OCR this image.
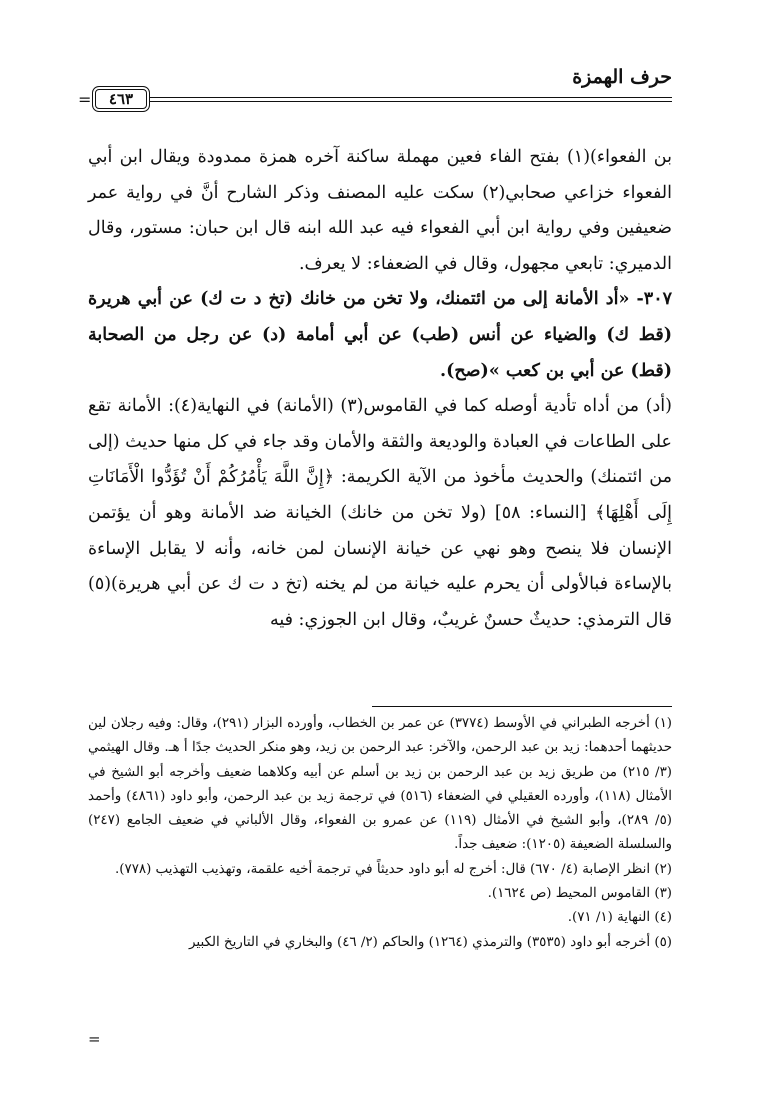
حرف الهمزة
=	٤٦٣

بن الفعواء)(١) بفتح الفاء فعين مهملة ساكنة آخره همزة ممدودة ويقال ابن أبي الفعواء خزاعي صحابي(٢) سكت عليه المصنف وذكر الشارح أنَّ في رواية عمر ضعيفين وفي رواية ابن أبي الفعواء فيه عبد الله ابنه قال ابن حبان: مستور، وقال الدميري: تابعي مجهول، وقال في الضعفاء: لا يعرف.

٣٠٧- «أد الأمانة إلى من ائتمنك، ولا تخن من خانك (تخ د ت ك) عن أبي هريرة (قط ك) والضياء عن أنس (طب) عن أبي أمامة (د) عن رجل من الصحابة (قط) عن أبي بن كعب »(صح).

(أد) من أداه تأدية أوصله كما في القاموس(٣) (الأمانة) في النهاية(٤): الأمانة تقع على الطاعات في العبادة والوديعة والثقة والأمان وقد جاء في كل منها حديث (إلى من ائتمنك) والحديث مأخوذ من الآية الكريمة: ﴿إِنَّ اللَّهَ يَأْمُرُكُمْ أَنْ تُؤَدُّوا الْأَمَانَاتِ إِلَى أَهْلِهَا﴾ [النساء: ٥٨] (ولا تخن من خانك) الخيانة ضد الأمانة وهو أن يؤتمن الإنسان فلا ينصح وهو نهي عن خيانة الإنسان لمن خانه، وأنه لا يقابل الإساءة بالإساءة فبالأولى أن يحرم عليه خيانة من لم يخنه (تخ د ت ك عن أبي هريرة)(٥) قال الترمذي: حديثٌ حسنٌ غريبٌ، وقال ابن الجوزي: فيه

(١) أخرجه الطبراني في الأوسط (٣٧٧٤) عن عمر بن الخطاب، وأورده البزار (٢٩١)، وقال: وفيه رجلان لين حديثهما أحدهما: زيد بن عبد الرحمن، والآخر: عبد الرحمن بن زيد، وهو منكر الحديث جدًا أ هـ. وقال الهيثمي (٣/ ٢١٥) من طريق زيد بن عبد الرحمن بن زيد بن أسلم عن أبيه وكلاهما ضعيف وأخرجه أبو الشيخ في الأمثال (١١٨)، وأورده العقيلي في الضعفاء (٥١٦) في ترجمة زيد بن عبد الرحمن، وأبو داود (٤٨٦١) وأحمد (٥/ ٢٨٩)، وأبو الشيخ في الأمثال (١١٩) عن عمرو بن الفعواء، وقال الألباني في ضعيف الجامع (٢٤٧) والسلسلة الضعيفة (١٢٠٥): ضعيف جداً.

(٢) انظر الإصابة (٤/ ٦٧٠) قال: أخرج له أبو داود حديثاً في ترجمة أخيه علقمة، وتهذيب التهذيب (٧٧٨).

(٣) القاموس المحيط (ص ١٦٢٤).

(٤) النهاية (١/ ٧١).

(٥) أخرجه أبو داود (٣٥٣٥) والترمذي (١٢٦٤) والحاكم (٢/ ٤٦) والبخاري في التاريخ الكبير

=
